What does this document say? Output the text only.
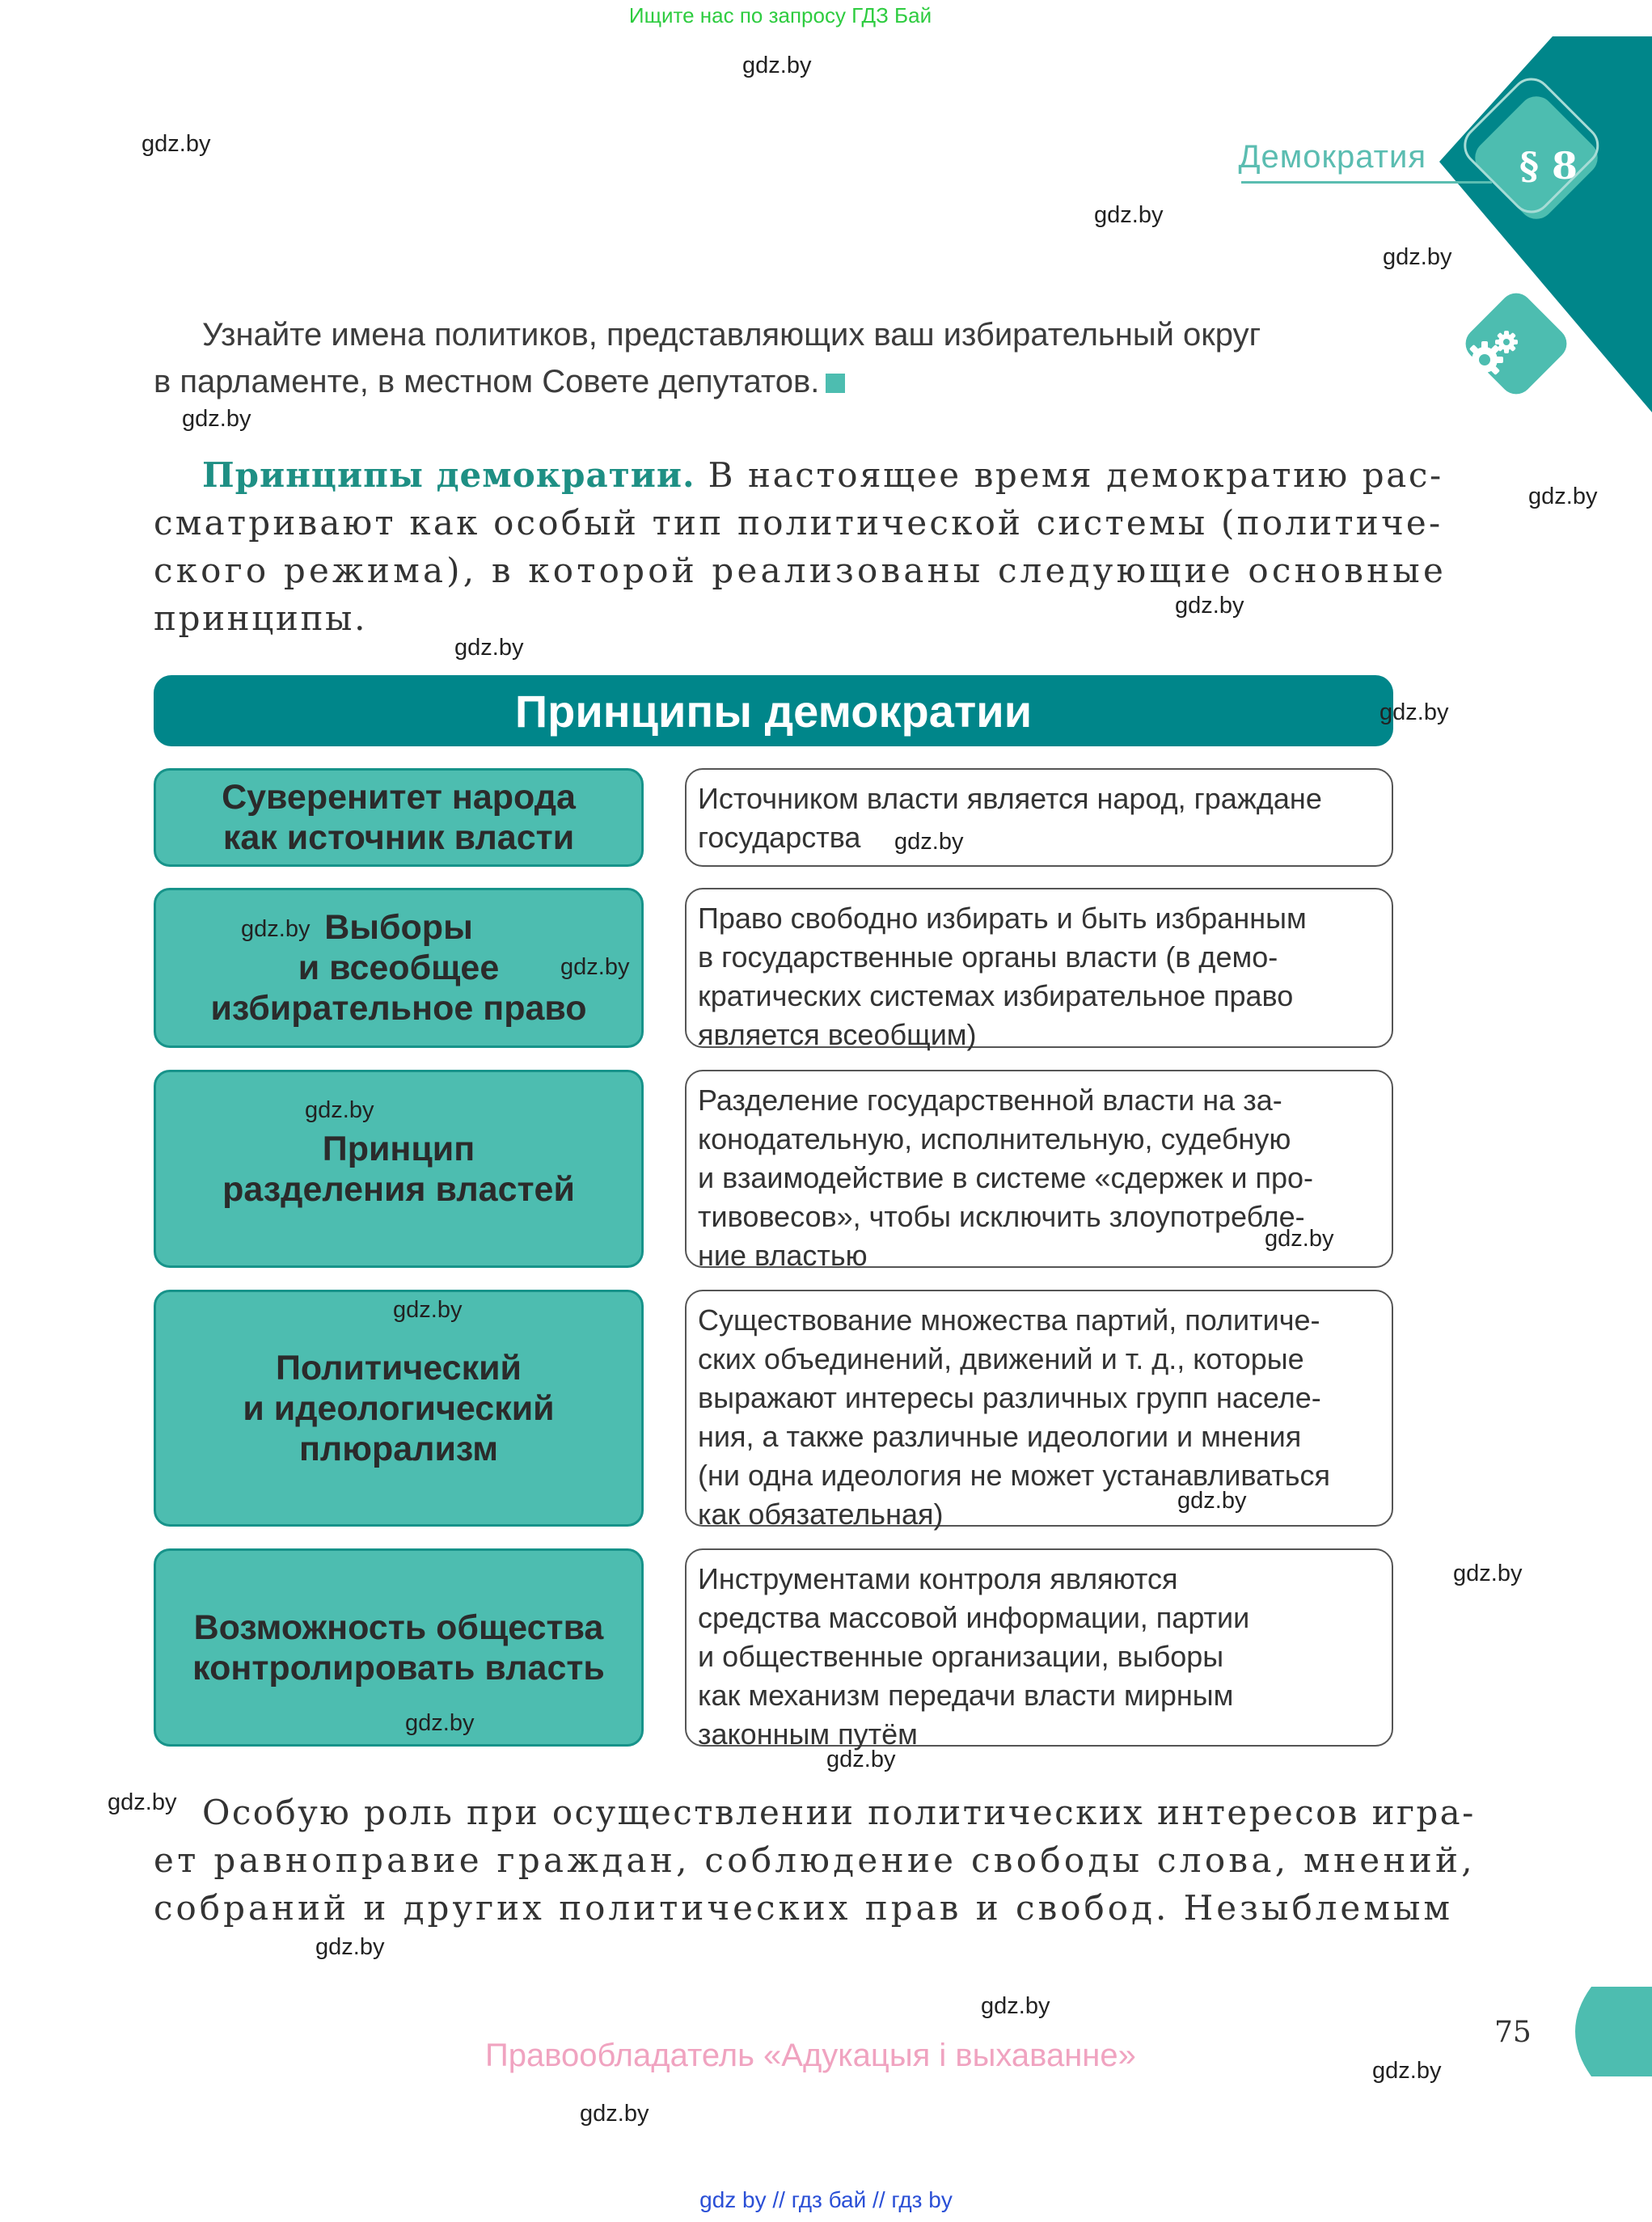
§ 8
Ищите нас по запросу ГДЗ Бай
Демократия
Узнайте имена политиков, представляющих ваш избирательный округ
в парламенте, в местном Совете депутатов.
Принципы демократии. В настоящее время демократию рас-
сматривают как особый тип политической системы (политиче-
ского режима), в которой реализованы следующие основные
принципы.
Принципы демократии
Суверенитет народа
как источник власти
Источником власти является народ, граждане
государства
Выборы
и всеобщее
избирательное право
Право свободно избирать и быть избранным
в государственные органы власти (в демо-
кратических системах избирательное право
является всеобщим)
Принцип
разделения властей
Разделение государственной власти на за-
конодательную, исполнительную, судебную
и взаимодействие в системе «сдержек и про-
тивовесов», чтобы исключить злоупотребле-
ние властью
Политический
и идеологический
плюрализм
Существование множества партий, политиче-
ских объединений, движений и т. д., которые
выражают интересы различных групп населе-
ния, а также различные идеологии и мнения
(ни одна идеология не может устанавливаться
как обязательная)
Возможность общества
контролировать власть
Инструментами контроля являются
средства массовой информации, партии
и общественные организации, выборы
как механизм передачи власти мирным
законным путём
Особую роль при осуществлении политических интересов игра-
ет равноправие граждан, соблюдение свободы слова, мнений,
собраний и других политических прав и свобод. Незыблемым
75
Правообладатель «Адукацыя і выхаванне»
gdz.by
gdz.by
gdz.by
gdz.by
gdz.by
gdz.by
gdz.by
gdz.by
gdz.by
gdz.by
gdz.by
gdz.by
gdz.by
gdz.by
gdz.by
gdz.by
gdz.by
gdz.by
gdz.by
gdz.by
gdz.by
gdz.by
gdz.by
gdz.by
gdz by // гдз бай // гдз by
